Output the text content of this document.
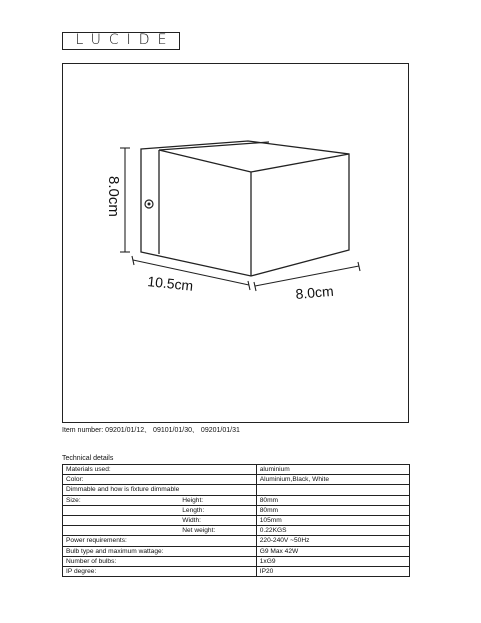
LUCIDE
8.0cm
10.5cm	8.0cm
Item number: 09201/01/12、 09101/01/30、 09201/01/31
Technical details
Materials used:		aluminium
Color:		Aluminium,Black, White
Dimmable and how is fixture dimmable		
Size:	Height:	80mm
	Length:	80mm
	Width:	105mm
	Net weight:	0.22KGS
Power requirements:		220-240V ~50Hz
Bulb type and maximum wattage:		G9 Max 42W
Number of bulbs:		1xG9
IP degree:		IP20
